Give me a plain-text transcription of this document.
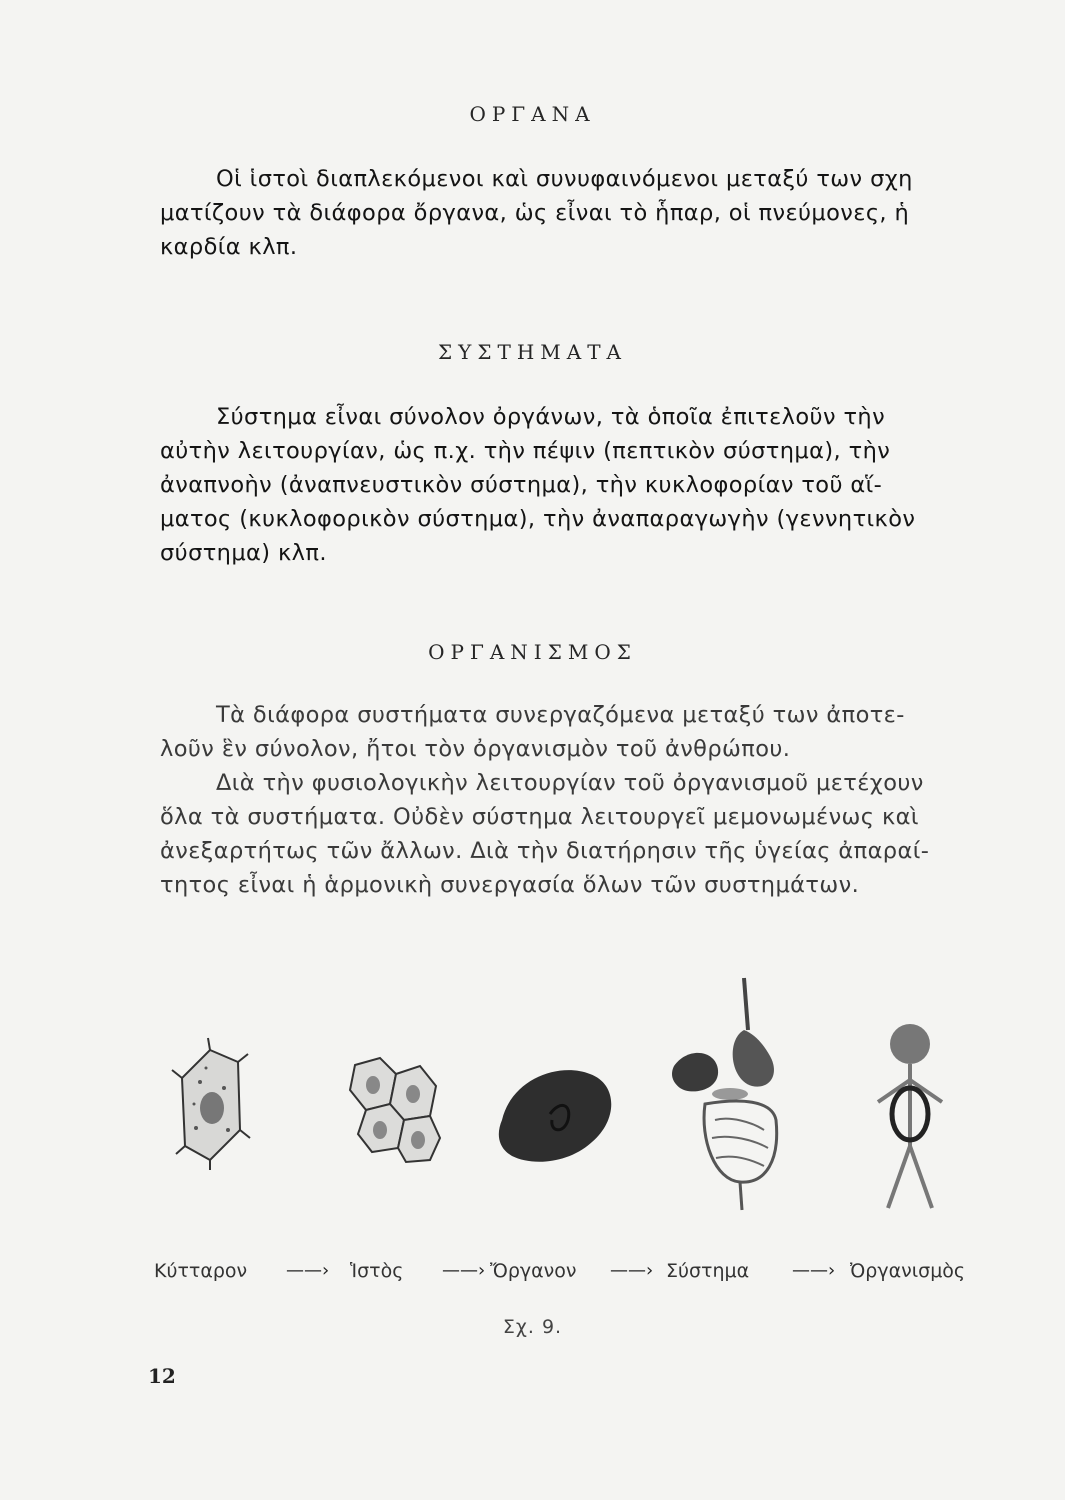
ΟΡΓΑΝΑ

Οἱ ἱστοὶ διαπλεκόμενοι καὶ συνυφαινόμενοι μεταξύ των σχη
ματίζουν τὰ διάφορα ὄργανα, ὡς εἶναι τὸ ἧπαρ, οἱ πνεύμονες, ἡ
καρδία κλπ.

ΣΥΣΤΗΜΑΤΑ

Σύστημα εἶναι σύνολον ὀργάνων, τὰ ὁποῖα ἐπιτελοῦν τὴν
αὐτὴν λειτουργίαν, ὡς π.χ. τὴν πέψιν (πεπτικὸν σύστημα), τὴν
ἀναπνοὴν (ἀναπνευστικὸν σύστημα), τὴν κυκλοφορίαν τοῦ αἵ-
ματος (κυκλοφορικὸν σύστημα), τὴν ἀναπαραγωγὴν (γεννητικὸν
σύστημα) κλπ.

ΟΡΓΑΝΙΣΜΟΣ

Τὰ διάφορα συστήματα συνεργαζόμενα μεταξύ των ἀποτε-
λοῦν ἓν σύνολον, ἤτοι τὸν ὀργανισμὸν τοῦ ἀνθρώπου.
Διὰ τὴν φυσιολογικὴν λειτουργίαν τοῦ ὀργανισμοῦ μετέχουν
ὅλα τὰ συστήματα. Οὐδὲν σύστημα λειτουργεῖ μεμονωμένως καὶ
ἀνεξαρτήτως τῶν ἄλλων. Διὰ τὴν διατήρησιν τῆς ὑγείας ἀπαραί-
τητος εἶναι ἡ ἁρμονικὴ συνεργασία ὅλων τῶν συστημάτων.

Κύτταρον ——› Ἱστὸς ——› Ὄργανον ——› Σύστημα ——› Ὀργανισμὸς
Σχ. 9.
12
